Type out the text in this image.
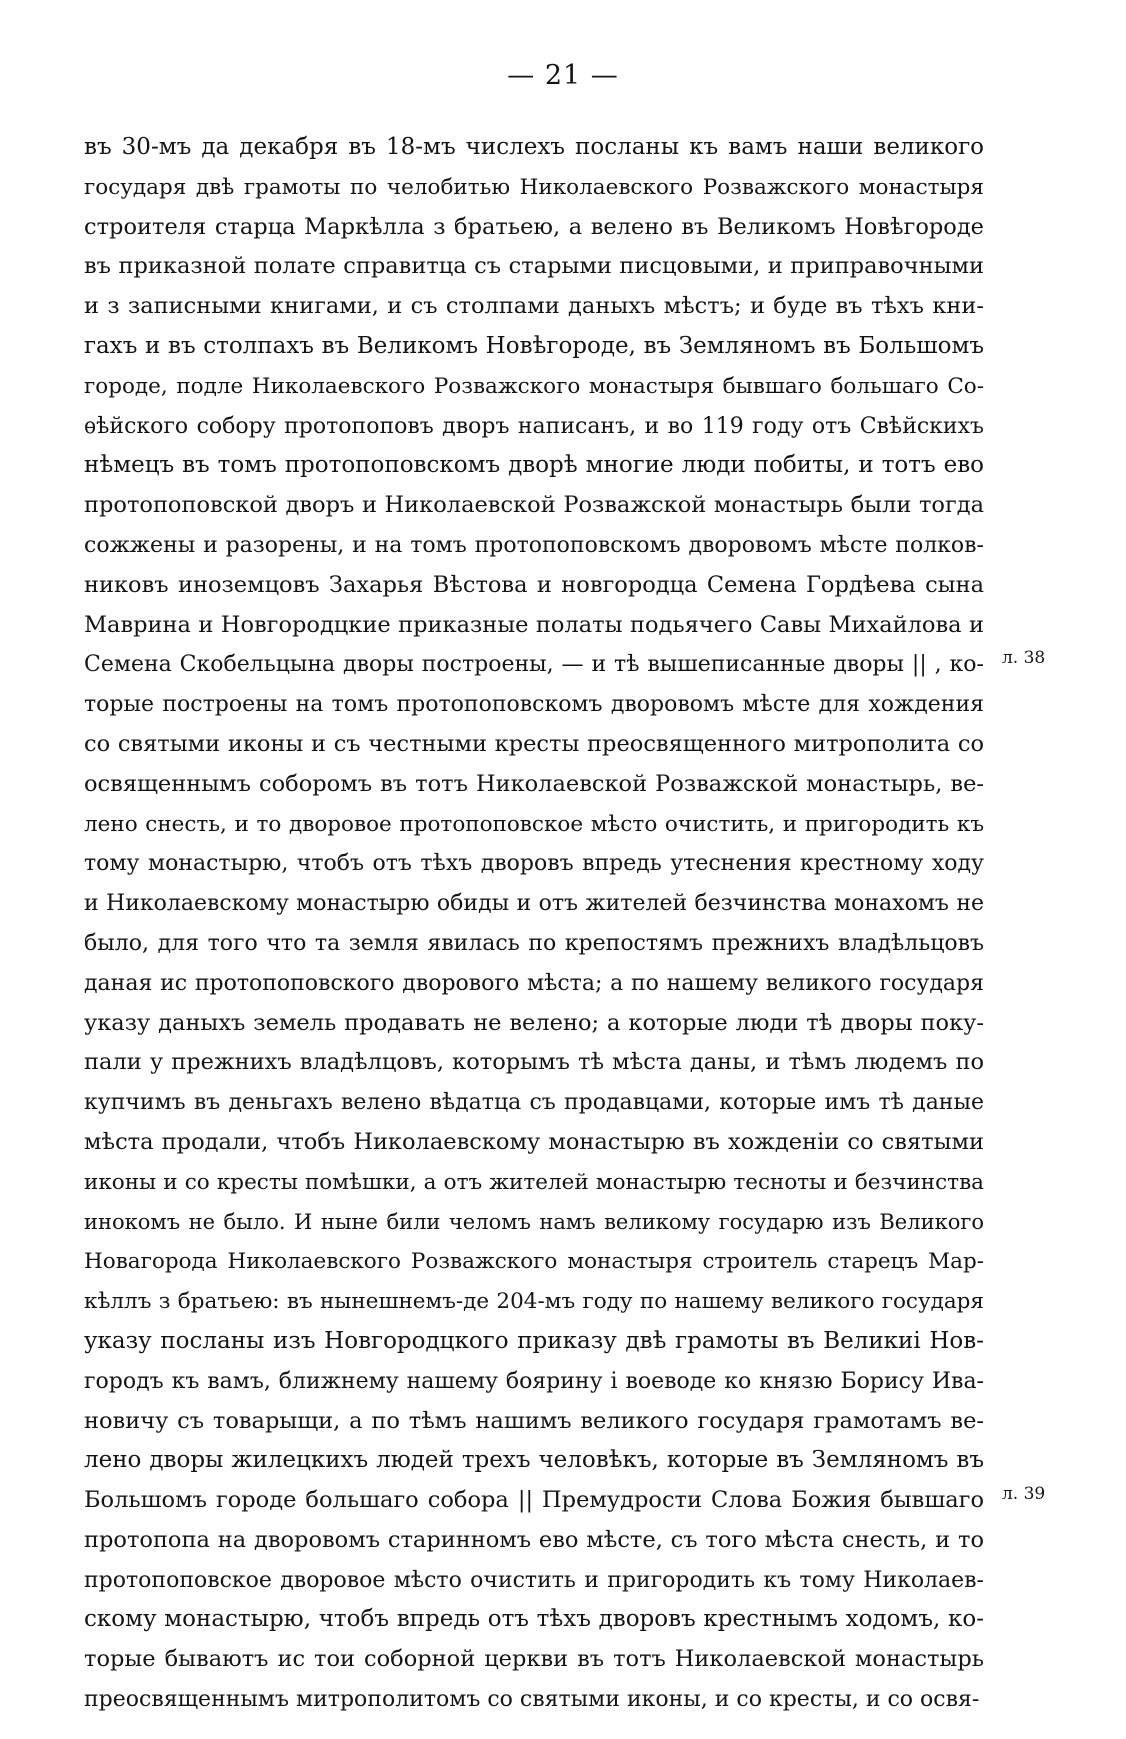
— 21 —
въ 30-мъ да декабря въ 18-мъ числехъ посланы къ вамъ наши великого
государя двѣ грамоты по челобитью Николаевского Розважского монастыря
строителя старца Маркѣлла з братьею, а велено въ Великомъ Новѣгороде
въ приказной полате справитца съ старыми писцовыми, и приправочными
и з записными книгами, и съ столпами даныхъ мѣстъ; и буде въ тѣхъ кни-
гахъ и въ столпахъ въ Великомъ Новѣгороде, въ Земляномъ въ Большомъ
городе, подле Николаевского Розважского монастыря бывшаго большаго Со-
ѳѣйского собору протопоповъ дворъ написанъ, и во 119 году отъ Свѣйскихъ
нѣмецъ въ томъ протопоповскомъ дворѣ многие люди побиты, и тотъ ево
протопоповской дворъ и Николаевской Розважской монастырь были тогда
сожжены и разорены, и на томъ протопоповскомъ дворовомъ мѣсте полков-
никовъ иноземцовъ Захарья Вѣстова и новгородца Семена Гордѣева сына
Маврина и Новгородцкие приказные полаты подьячего Савы Михайлова и
Семена Скобельцына дворы построены, — и тѣ вышеписанные дворы || , ко-
торые построены на томъ протопоповскомъ дворовомъ мѣсте для хождения
со святыми иконы и съ честными кресты преосвященного митрополита со
освященнымъ соборомъ въ тотъ Николаевской Розважской монастырь, ве-
лено снесть, и то дворовое протопоповское мѣсто очистить, и пригородить къ
тому монастырю, чтобъ отъ тѣхъ дворовъ впредь утеснения крестному ходу
и Николаевскому монастырю обиды и отъ жителей безчинства монахомъ не
было, для того что та земля явилась по крепостямъ прежнихъ владѣльцовъ
даная ис протопоповского дворового мѣста; а по нашему великого государя
указу даныхъ земель продавать не велено; а которые люди тѣ дворы поку-
пали у прежнихъ владѣлцовъ, которымъ тѣ мѣста даны, и тѣмъ людемъ по
купчимъ въ деньгахъ велено вѣдатца съ продавцами, которые имъ тѣ даные
мѣста продали, чтобъ Николаевскому монастырю въ хожденіи со святыми
иконы и со кресты помѣшки, а отъ жителей монастырю тесноты и безчинства
инокомъ не было. И ныне били челомъ намъ великому государю изъ Великого
Новагорода Николаевского Розважского монастыря строитель старецъ Мар-
кѣллъ з братьею: въ нынешнемъ-де 204-мъ году по нашему великого государя
указу посланы изъ Новгородцкого приказу двѣ грамоты въ Великиі Нов-
городъ къ вамъ, ближнему нашему боярину і воеводе ко князю Борису Ива-
новичу съ товарыщи, а по тѣмъ нашимъ великого государя грамотамъ ве-
лено дворы жилецкихъ людей трехъ человѣкъ, которые въ Земляномъ въ
Большомъ городе большаго собора || Премудрости Слова Божия бывшаго
протопопа на дворовомъ старинномъ ево мѣсте, съ того мѣста снесть, и то
протопоповское дворовое мѣсто очистить и пригородить къ тому Николаев-
скому монастырю, чтобъ впредь отъ тѣхъ дворовъ крестнымъ ходомъ, ко-
торые бываютъ ис тои соборной церкви въ тотъ Николаевской монастырь
преосвященнымъ митрополитомъ со святыми иконы, и со кресты, и со освя-
л. 38
л. 39
